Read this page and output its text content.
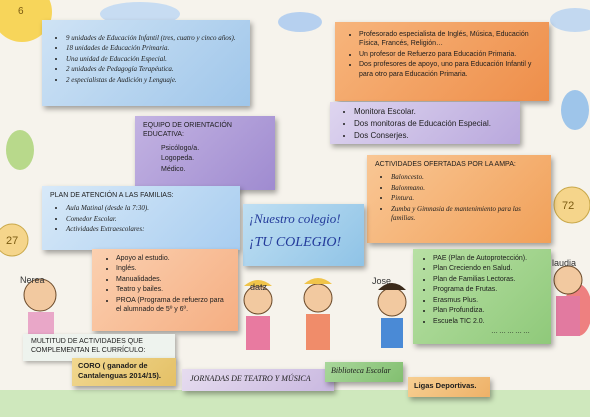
Nerea
datz
Jose
laudia
27
72
6
• 9 unidades de Educación Infantil (tres, cuatro y cinco años).
• 18 unidades de Educación Primaria.
• Una unidad de Educación Especial.
• 2 unidades de Pedagogía Terapéutica.
• 2 especialistas de Audición y Lenguaje.
• Profesorado especialista de Inglés, Música, Educación Física, Francés, Religión…
• Un profesor de Refuerzo para Educación Primaria.
• Dos profesores de apoyo, uno para Educación Infantil y para otro para Educación Primaria.
• Monitora Escolar.
• Dos monitoras de Educación Especial.
• Dos Conserjes.
EQUIPO DE ORIENTACIÓN EDUCATIVA:
Psicólogo/a.
Logopeda.
Médico.
ACTIVIDADES OFERTADAS POR LA AMPA:
• Baloncesto.
• Balonmano.
• Pintura.
• Zumba y Gimnasia de mantenimiento para las familias.
PLAN DE ATENCIÓN A LAS FAMILIAS:
• Aula Matinal (desde la 7:30).
• Comedor Escolar.
• Actividades Extraescolares:
¡Nuestro colegio!
¡TU COLEGIO!
• Apoyo al estudio.
• Inglés.
• Manualidades.
• Teatro y bailes.
• PROA (Programa de refuerzo para el alumnado de 5º y 6º.
• PAE (Plan de Autoprotección).
• Plan Creciendo en Salud.
• Plan de Familias Lectoras.
• Programa de Frutas.
• Erasmus Plus.
• Plan Profundiza.
• Escuela TIC 2.0.
……………
MULTITUD DE ACTIVIDADES QUE COMPLEMENTAN EL CURRÍCULO:
CORO ( ganador de Cantalenguas 2014/15).	JORNADAS DE TEATRO Y MÚSICA
Biblioteca Escolar
Ligas Deportivas.
